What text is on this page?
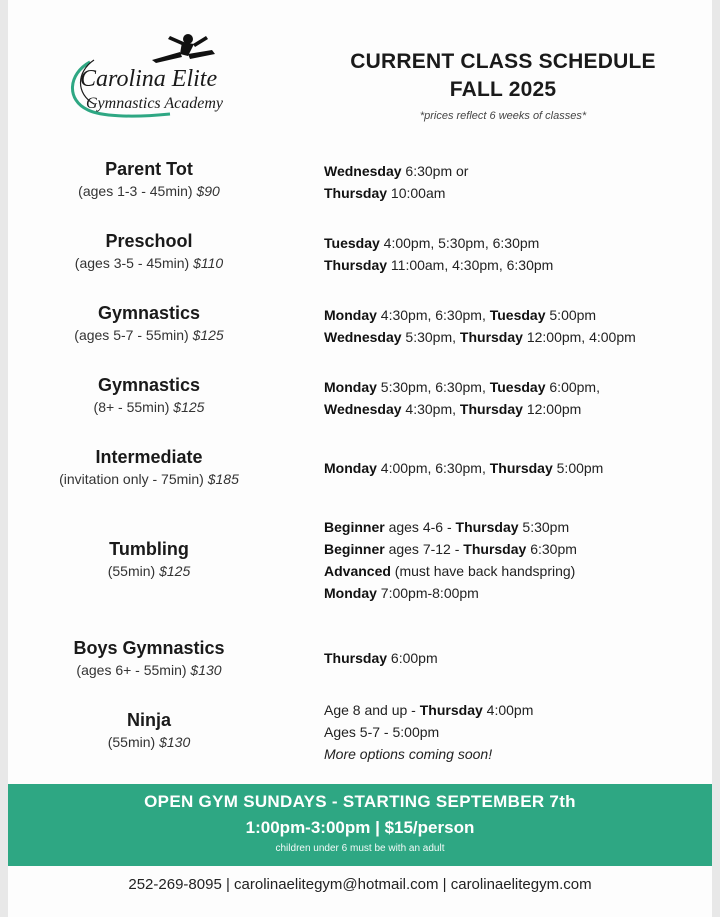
Carolina Elite
Gymnastics Academy
CURRENT CLASS SCHEDULE
FALL 2025
*prices reflect 6 weeks of classes*
Parent Tot
(ages 1-3 - 45min) $90
Wednesday 6:30pm or
Thursday 10:00am
Preschool
(ages 3-5 - 45min) $110
Tuesday 4:00pm, 5:30pm, 6:30pm
Thursday 11:00am, 4:30pm, 6:30pm
Gymnastics
(ages 5-7 - 55min) $125
Monday 4:30pm, 6:30pm, Tuesday 5:00pm
Wednesday 5:30pm, Thursday 12:00pm, 4:00pm
Gymnastics
(8+ - 55min) $125
Monday 5:30pm, 6:30pm, Tuesday 6:00pm,
Wednesday 4:30pm, Thursday 12:00pm
Intermediate
(invitation only - 75min) $185
Monday 4:00pm, 6:30pm, Thursday 5:00pm
Tumbling
(55min) $125
Beginner ages 4-6 - Thursday 5:30pm
Beginner ages 7-12 - Thursday 6:30pm
Advanced (must have back handspring)
Monday 7:00pm-8:00pm
Boys Gymnastics
(ages 6+ - 55min) $130
Thursday 6:00pm
Ninja
(55min) $130
Age 8 and up - Thursday 4:00pm
Ages 5-7 - 5:00pm
More options coming soon!
OPEN GYM SUNDAYS - STARTING SEPTEMBER 7th
1:00pm-3:00pm | $15/person
children under 6 must be with an adult
252-269-8095 | carolinaelitegym@hotmail.com | carolinaelitegym.com
